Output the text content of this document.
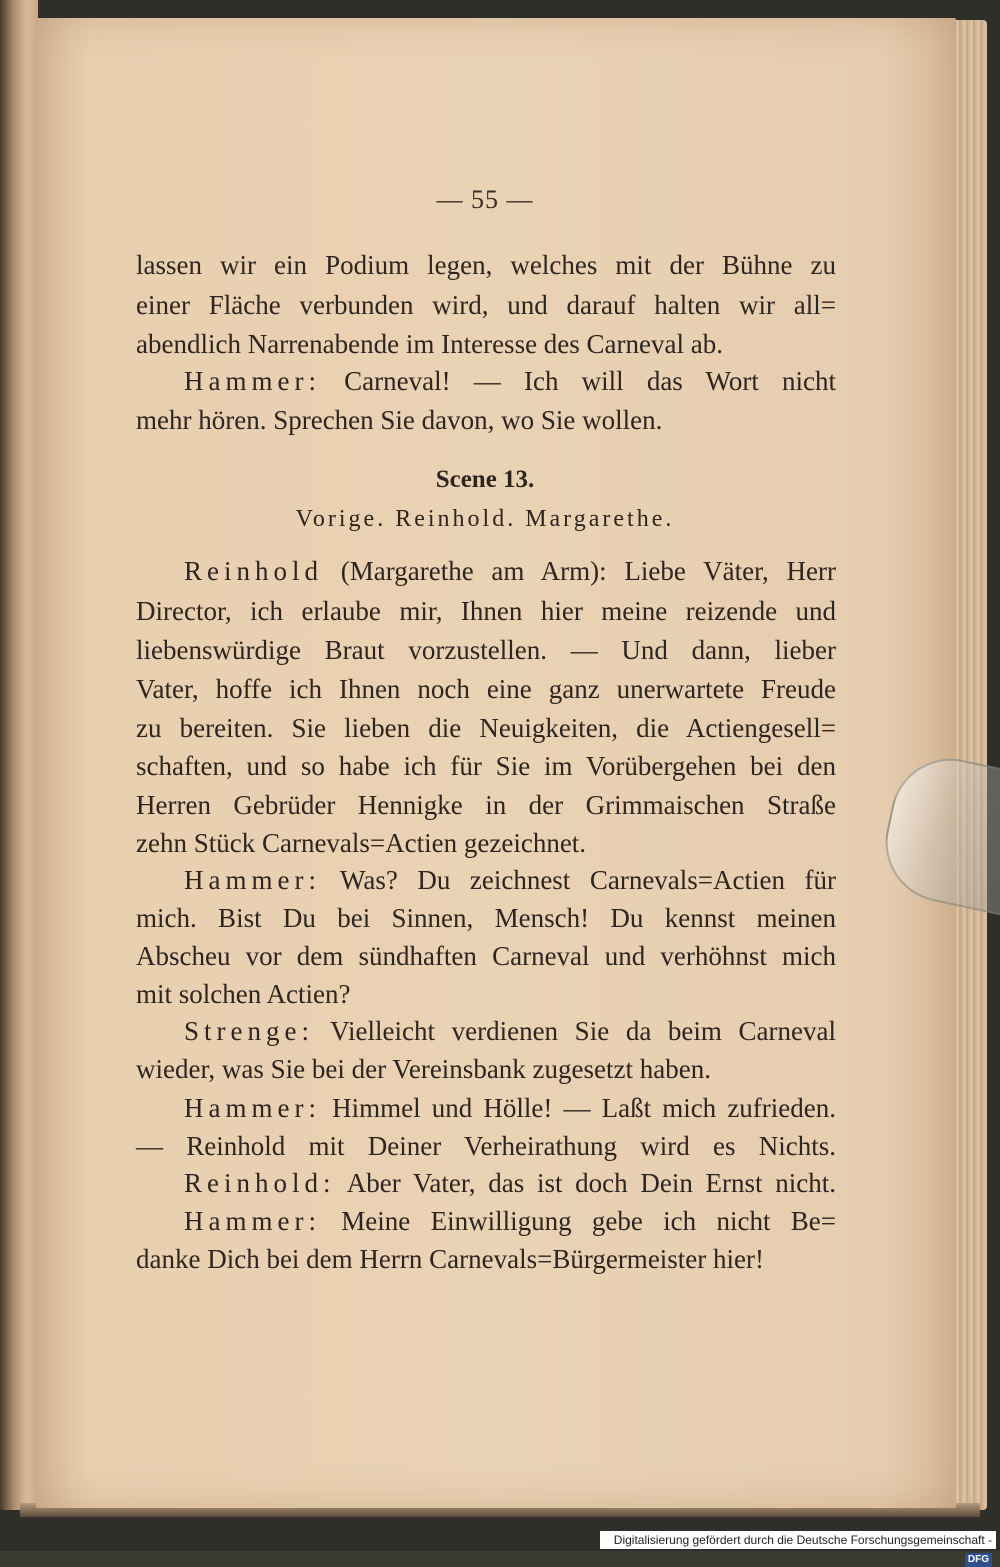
— 55 —
lassen wir ein Podium legen, welches mit der Bühne zu
einer Fläche verbunden wird, und darauf halten wir all=
abendlich Narrenabende im Interesse des Carneval ab.
Hammer: Carneval! — Ich will das Wort nicht
mehr hören. Sprechen Sie davon, wo Sie wollen.
Scene 13.
Vorige. Reinhold. Margarethe.
Reinhold (Margarethe am Arm): Liebe Väter, Herr
Director, ich erlaube mir, Ihnen hier meine reizende und
liebenswürdige Braut vorzustellen. — Und dann, lieber
Vater, hoffe ich Ihnen noch eine ganz unerwartete Freude
zu bereiten. Sie lieben die Neuigkeiten, die Actiengesell=
schaften, und so habe ich für Sie im Vorübergehen bei den
Herren Gebrüder Hennigke in der Grimmaischen Straße
zehn Stück Carnevals=Actien gezeichnet.
Hammer: Was? Du zeichnest Carnevals=Actien für
mich. Bist Du bei Sinnen, Mensch! Du kennst meinen
Abscheu vor dem sündhaften Carneval und verhöhnst mich
mit solchen Actien?
Strenge: Vielleicht verdienen Sie da beim Carneval
wieder, was Sie bei der Vereinsbank zugesetzt haben.
Hammer: Himmel und Hölle! — Laßt mich zufrieden.
— Reinhold mit Deiner Verheirathung wird es Nichts.
Reinhold: Aber Vater, das ist doch Dein Ernst nicht.
Hammer: Meine Einwilligung gebe ich nicht Be=
danke Dich bei dem Herrn Carnevals=Bürgermeister hier!
Digitalisierung gefördert durch die Deutsche Forschungsgemeinschaft -DFG
